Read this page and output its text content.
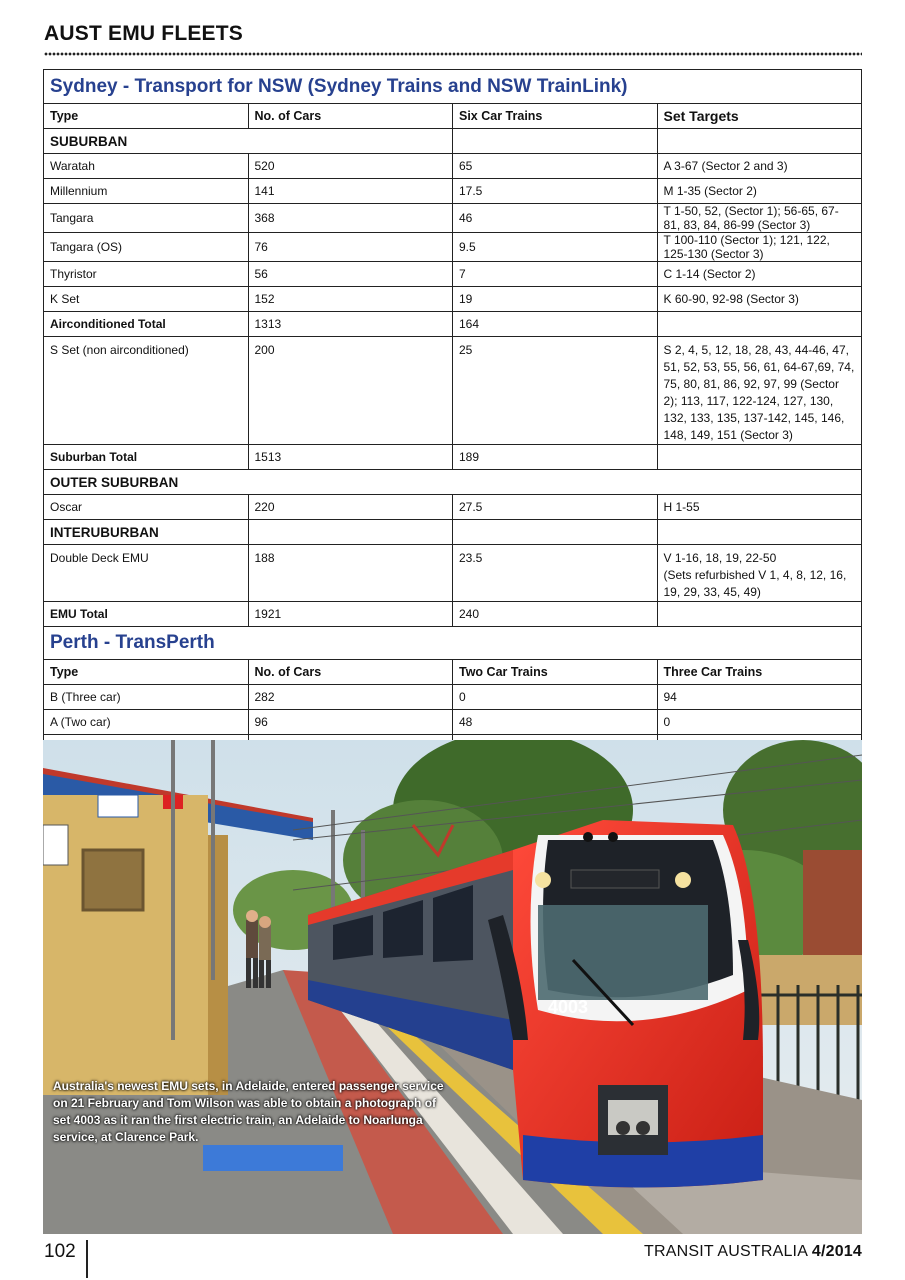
AUST EMU FLEETS
Sydney - Transport for NSW (Sydney Trains and NSW TrainLink)			
Type	No. of Cars	Six Car Trains	Set Targets
SUBURBAN			
Waratah	520	65	A 3-67 (Sector 2 and 3)
Millennium	141	17.5	M 1-35 (Sector 2)
Tangara	368	46	T 1-50, 52, (Sector 1); 56-65, 67-81, 83, 84, 86-99 (Sector 3)
Tangara (OS)	76	9.5	T 100-110 (Sector 1); 121, 122, 125-130 (Sector 3)
Thyristor	56	7	C 1-14 (Sector 2)
K Set	152	19	K 60-90, 92-98 (Sector 3)
Airconditioned Total	1313	164	
S Set (non airconditioned)	200	25	S 2, 4, 5, 12, 18, 28, 43, 44-46, 47, 51, 52, 53, 55, 56, 61, 64-67,69, 74, 75, 80, 81, 86, 92, 97, 99 (Sector 2); 113, 117, 122-124, 127, 130, 132, 133, 135, 137-142, 145, 146, 148, 149, 151 (Sector 3)
Suburban Total	1513	189	
OUTER SUBURBAN			
Oscar	220	27.5	H 1-55
INTERUBURBAN			
Double Deck EMU	188	23.5	V 1-16, 18, 19, 22-50
(Sets refurbished V 1, 4, 8, 12, 16, 19, 29, 33, 45, 49)

EMU Total	1921	240	
Perth - TransPerth			
Type	No. of Cars	Two Car Trains	Three Car Trains
B (Three car)	282	0	94
A (Two car)	96	48	0

4003
Australia's newest EMU sets, in Adelaide, entered passenger service on 21 February and Tom Wilson was able to obtain a photograph of set 4003 as it ran the first electric train, an Adelaide to Noarlunga service, at Clarence Park.
102	TRANSIT AUSTRALIA 4/2014
